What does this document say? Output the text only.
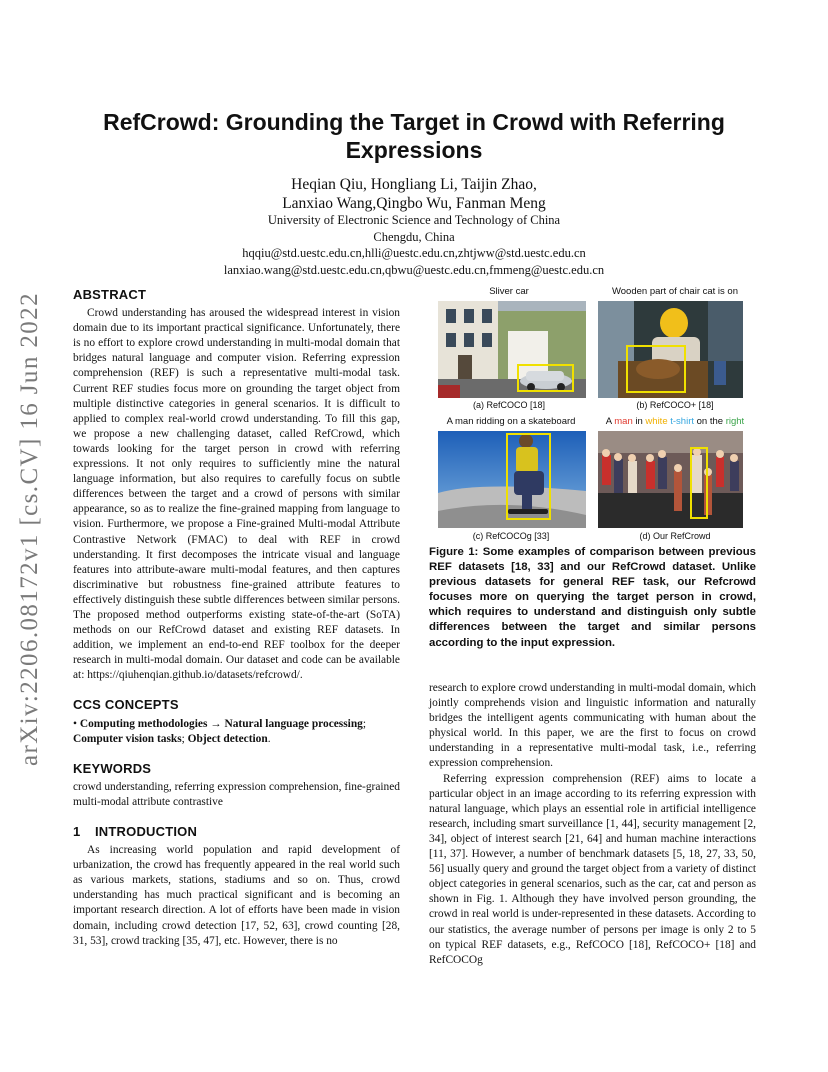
arXiv:2206.08172v1 [cs.CV] 16 Jun 2022
RefCrowd: Grounding the Target in Crowd with Referring Expressions
Heqian Qiu, Hongliang Li, Taijin Zhao,
Lanxiao Wang,Qingbo Wu, Fanman Meng
University of Electronic Science and Technology of China
Chengdu, China
hqqiu@std.uestc.edu.cn,hlli@uestc.edu.cn,zhtjww@std.uestc.edu.cn
lanxiao.wang@std.uestc.edu.cn,qbwu@uestc.edu.cn,fmmeng@uestc.edu.cn
ABSTRACT

Crowd understanding has aroused the widespread interest in vision domain due to its important practical significance. Unfortunately, there is no effort to explore crowd understanding in multi-modal domain that bridges natural language and computer vision. Referring expression comprehension (REF) is such a representative multi-modal task. Current REF studies focus more on grounding the target object from multiple distinctive categories in general scenarios. It is difficult to applied to complex real-world crowd understanding. To fill this gap, we propose a new challenging dataset, called RefCrowd, which towards looking for the target person in crowd with referring expressions. It not only requires to sufficiently mine the natural language information, but also requires to carefully focus on subtle differences between the target and a crowd of persons with similar appearance, so as to realize the fine-grained mapping from language to vision. Furthermore, we propose a Fine-grained Multi-modal Attribute Contrastive Network (FMAC) to deal with REF in crowd understanding. It first decomposes the intricate visual and language features into attribute-aware multi-modal features, and then captures discriminative but robustness fine-grained attribute features to effectively distinguish these subtle differences between similar persons. The proposed method outperforms existing state-of-the-art (SoTA) methods on our RefCrowd dataset and existing REF datasets. In addition, we implement an end-to-end REF toolbox for the deeper research in multi-modal domain. Our dataset and code can be available at: https://qiuhenqian.github.io/datasets/refcrowd/.

CCS CONCEPTS

• Computing methodologies → Natural language processing; Computer vision tasks; Object detection.

KEYWORDS

crowd understanding, referring expression comprehension, fine-grained multi-modal attribute contrastive

1 INTRODUCTION

As increasing world population and rapid development of urbanization, the crowd has frequently appeared in the real world such as various markets, stations, stadiums and so on. Thus, crowd understanding has much practical significant and is becoming an important research direction. A lot of efforts have been made in vision domain, including crowd detection [17, 52, 63], crowd counting [28, 31, 53], crowd tracking [35, 47], etc. However, there is no

Sliver car
(a) RefCOCO [18]
Wooden part of chair cat is on
(b) RefCOCO+ [18]
A man ridding on a skateboard
(c) RefCOCOg [33]
A man in white t-shirt on the right
(d) Our RefCrowd
Figure 1: Some examples of comparison between previous REF datasets [18, 33] and our RefCrowd dataset. Unlike previous datasets for general REF task, our Refcrowd focuses more on querying the target person in crowd, which requires to understand and distinguish only subtle differences between the target and similar persons according to the input expression.

research to explore crowd understanding in multi-modal domain, which jointly comprehends vision and linguistic information and naturally bridges the intelligent agents communicating with human about the physical world. In this paper, we are the first to focus on crowd understanding in a representative multi-modal task, i.e., referring expression comprehension.

Referring expression comprehension (REF) aims to locate a particular object in an image according to its referring expression with natural language, which plays an essential role in artificial intelligence research, including smart surveillance [1, 44], security management [2, 34], object of interest search [21, 64] and human machine interactions [11, 37]. However, a number of benchmark datasets [5, 18, 27, 33, 50, 56] usually query and ground the target object from a variety of distinct object categories in general scenarios, such as the car, cat and person as shown in Fig. 1. Although they have involved person grounding, the crowd in real world is under-represented in these datasets. According to our statistics, the average number of persons per image is only 2 to 5 on typical REF datasets, e.g., RefCOCO [18], RefCOCO+ [18] and RefCOCOg
